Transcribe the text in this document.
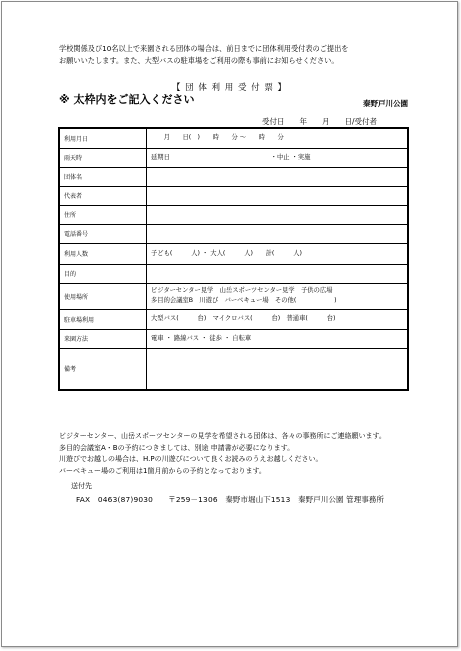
学校関係及び10名以上で来園される団体の場合は、前日までに団体利用受付表のご提出を
お願いいたします。また、大型バスの駐車場をご利用の際も事前にお知らせください。
【 団 体 利 用 受 付 票 】
※ 太枠内をご記入ください	秦野戸川公園
受付日　　年　　月　　日/受付者
利用月日	　　月　　日(　)　　時　　分 ～　　時　　分

雨天時	延期日　　　　　　　　　　　　　　　　・中止 ・実施

団体名	
代表者	
住所	
電話番号	
利用人数	子ども(　　　人) ・ 大人(　　　人)　　計(　　　人)

目的	
使用場所	ビジターセンター見学　山岳スポーツセンター見学　子供の広場
多目的会議室B　川遊び　バーベキュー場　その他(　　　　　　)

駐車場利用	大型バス(　　　台)　マイクロバス(　　　台)　普通車(　　　台)

来園方法	電車 ・ 路線バス ・ 徒歩 ・ 自転車

備考	
ビジターセンター、山岳スポーツセンターの見学を希望される団体は、各々の事務所にご連絡願います。
多目的会議室A・Bの予約につきましては、別途 申請書が必要になります。
川遊びでお越しの場合は、H.Pの川遊びについて良くお読みのうえお越しください。
バーベキュー場のご利用は1箇月前からの予約となっております。
送付先
FAX　0463(87)9030　　〒259－1306　秦野市堀山下1513　秦野戸川公園 管理事務所
